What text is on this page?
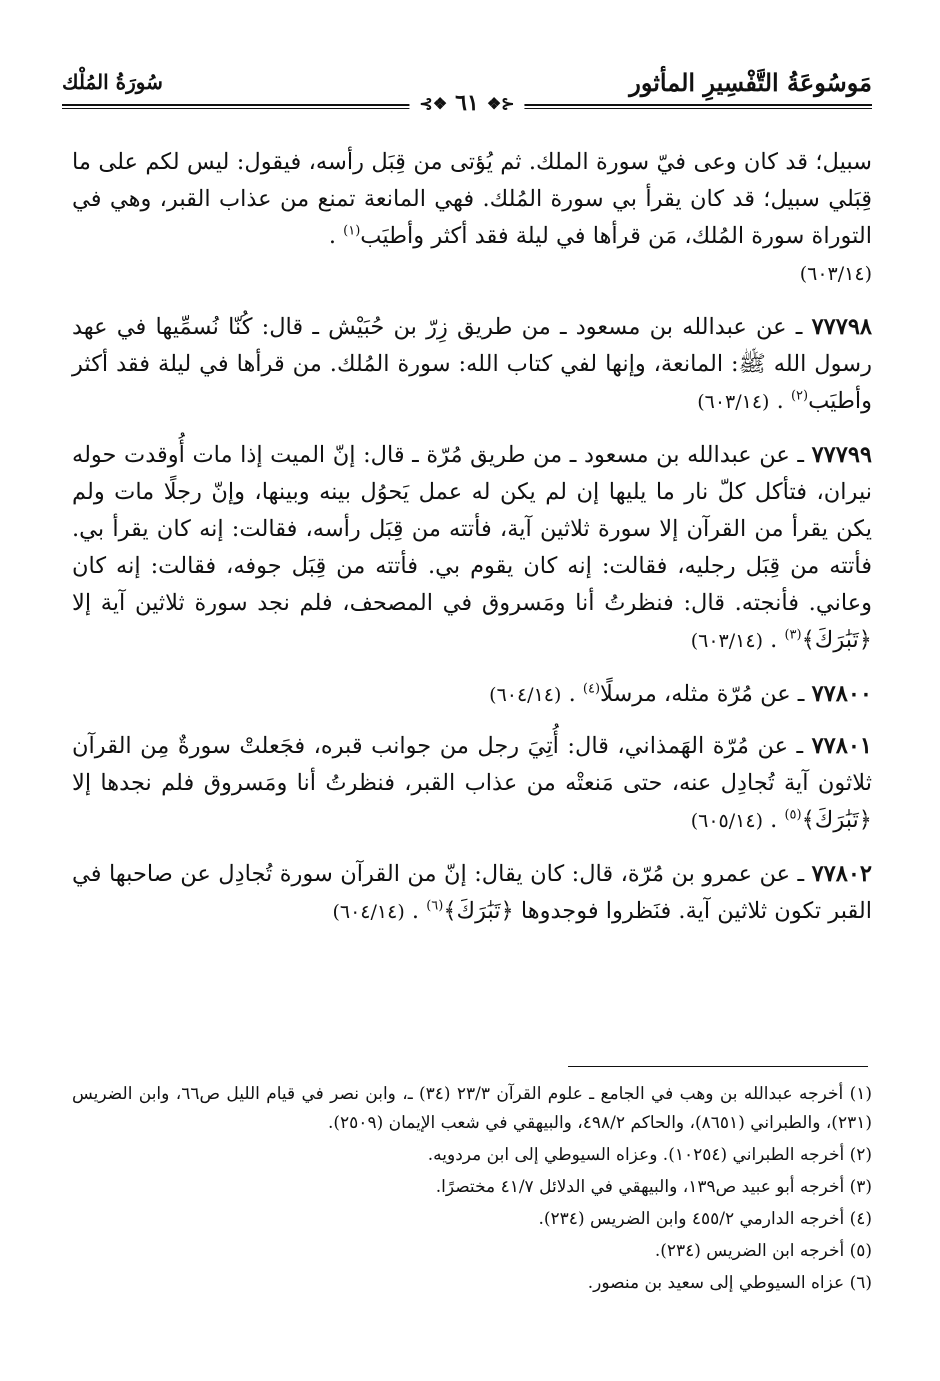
مَوسُوعَةُ التَّفْسِيرِ المأثور
سُورَةُ المُلْك
⊰❖
٦١
❖⊱

سبيل؛ قد كان وعى فيّ سورة الملك. ثم يُؤتى من قِبَل رأسه، فيقول: ليس لكم على ما قِبَلي سبيل؛ قد كان يقرأ بي سورة المُلك. فهي المانعة تمنع من عذاب القبر، وهي في التوراة سورة المُلك، مَن قرأها في ليلة فقد أكثر وأطيَب$^{(١)}$ .
(٦٠٣/١٤)

٧٧٧٩٨ ـ عن عبدالله بن مسعود ـ من طريق زِرّ بن حُبَيْش ـ قال: كُنّا نُسمِّيها في عهد رسول الله ﷺ: المانعة، وإنها لفي كتاب الله: سورة المُلك. من قرأها في ليلة فقد أكثر وأطيَب$^{(٢)}$ . (٦٠٣/١٤)

٧٧٧٩٩ ـ عن عبدالله بن مسعود ـ من طريق مُرّة ـ قال: إنّ الميت إذا مات أُوقدت حوله نيران، فتأكل كلّ نار ما يليها إن لم يكن له عمل يَحوُل بينه وبينها، وإنّ رجلًا مات ولم يكن يقرأ من القرآن إلا سورة ثلاثين آية، فأتته من قِبَل رأسه، فقالت: إنه كان يقرأ بي. فأتته من قِبَل رجليه، فقالت: إنه كان يقوم بي. فأتته من قِبَل جوفه، فقالت: إنه كان وعاني. فأنجته. قال: فنظرتُ أنا ومَسروق في المصحف، فلم نجد سورة ثلاثين آية إلا ﴿تَبَٰرَكَ﴾$^{(٣)}$ . (٦٠٣/١٤)

٧٧٨٠٠ ـ عن مُرّة مثله، مرسلًا$^{(٤)}$ . (٦٠٤/١٤)

٧٧٨٠١ ـ عن مُرّة الهَمذاني، قال: أُتِيَ رجل من جوانب قبره، فجَعلتْ سورةٌ مِن القرآن ثلاثون آية تُجادِل عنه، حتى مَنعتْه من عذاب القبر، فنظرتُ أنا ومَسروق فلم نجدها إلا ﴿تَبَٰرَكَ﴾$^{(٥)}$ . (٦٠٥/١٤)

٧٧٨٠٢ ـ عن عمرو بن مُرّة، قال: كان يقال: إنّ من القرآن سورة تُجادِل عن صاحبها في القبر تكون ثلاثين آية. فنَظروا فوجدوها ﴿تَبَٰرَكَ﴾$^{(٦)}$ . (٦٠٤/١٤)

(١) أخرجه عبدالله بن وهب في الجامع ـ علوم القرآن ٢٣/٣ (٣٤) ـ، وابن نصر في قيام الليل ص٦٦، وابن الضريس (٢٣١)، والطبراني (٨٦٥١)، والحاكم ٤٩٨/٢، والبيهقي في شعب الإيمان (٢٥٠٩).

(٢) أخرجه الطبراني (١٠٢٥٤). وعزاه السيوطي إلى ابن مردويه.

(٣) أخرجه أبو عبيد ص١٣٩، والبيهقي في الدلائل ٤١/٧ مختصرًا.

(٤) أخرجه الدارمي ٤٥٥/٢ وابن الضريس (٢٣٤).

(٥) أخرجه ابن الضريس (٢٣٤).

(٦) عزاه السيوطي إلى سعيد بن منصور.
